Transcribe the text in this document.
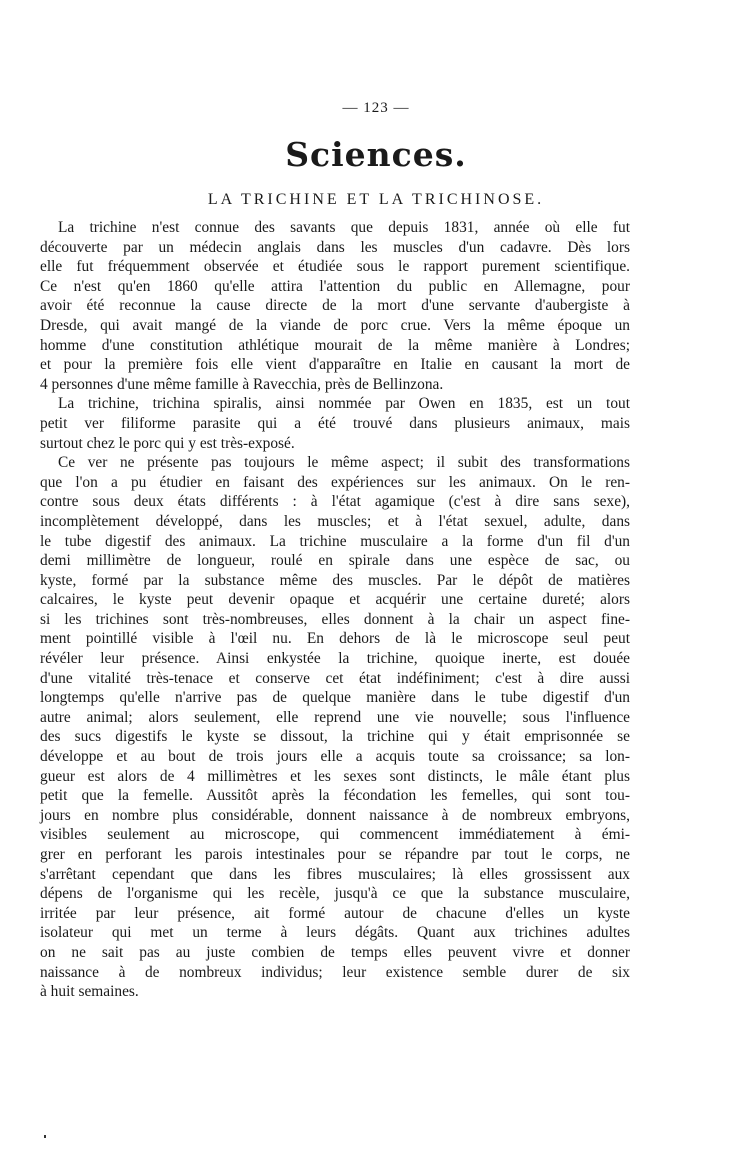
— 123 —
Sciences.
LA TRICHINE ET LA TRICHINOSE.
La trichine n'est connue des savants que depuis 1831, année où elle fut
découverte par un médecin anglais dans les muscles d'un cadavre. Dès lors
elle fut fréquemment observée et étudiée sous le rapport purement scientifique.
Ce n'est qu'en 1860 qu'elle attira l'attention du public en Allemagne, pour
avoir été reconnue la cause directe de la mort d'une servante d'aubergiste à
Dresde, qui avait mangé de la viande de porc crue. Vers la même époque un
homme d'une constitution athlétique mourait de la même manière à Londres;
et pour la première fois elle vient d'apparaître en Italie en causant la mort de
4 personnes d'une même famille à Ravecchia, près de Bellinzona.
La trichine, trichina spiralis, ainsi nommée par Owen en 1835, est un tout
petit ver filiforme parasite qui a été trouvé dans plusieurs animaux, mais
surtout chez le porc qui y est très-exposé.
Ce ver ne présente pas toujours le même aspect; il subit des transformations
que l'on a pu étudier en faisant des expériences sur les animaux. On le ren-
contre sous deux états différents : à l'état agamique (c'est à dire sans sexe),
incomplètement développé, dans les muscles; et à l'état sexuel, adulte, dans
le tube digestif des animaux. La trichine musculaire a la forme d'un fil d'un
demi millimètre de longueur, roulé en spirale dans une espèce de sac, ou
kyste, formé par la substance même des muscles. Par le dépôt de matières
calcaires, le kyste peut devenir opaque et acquérir une certaine dureté; alors
si les trichines sont très-nombreuses, elles donnent à la chair un aspect fine-
ment pointillé visible à l'œil nu. En dehors de là le microscope seul peut
révéler leur présence. Ainsi enkystée la trichine, quoique inerte, est douée
d'une vitalité très-tenace et conserve cet état indéfiniment; c'est à dire aussi
longtemps qu'elle n'arrive pas de quelque manière dans le tube digestif d'un
autre animal; alors seulement, elle reprend une vie nouvelle; sous l'influence
des sucs digestifs le kyste se dissout, la trichine qui y était emprisonnée se
développe et au bout de trois jours elle a acquis toute sa croissance; sa lon-
gueur est alors de 4 millimètres et les sexes sont distincts, le mâle étant plus
petit que la femelle. Aussitôt après la fécondation les femelles, qui sont tou-
jours en nombre plus considérable, donnent naissance à de nombreux embryons,
visibles seulement au microscope, qui commencent immédiatement à émi-
grer en perforant les parois intestinales pour se répandre par tout le corps, ne
s'arrêtant cependant que dans les fibres musculaires; là elles grossissent aux
dépens de l'organisme qui les recèle, jusqu'à ce que la substance musculaire,
irritée par leur présence, ait formé autour de chacune d'elles un kyste
isolateur qui met un terme à leurs dégâts. Quant aux trichines adultes
on ne sait pas au juste combien de temps elles peuvent vivre et donner
naissance à de nombreux individus; leur existence semble durer de six
à huit semaines.
